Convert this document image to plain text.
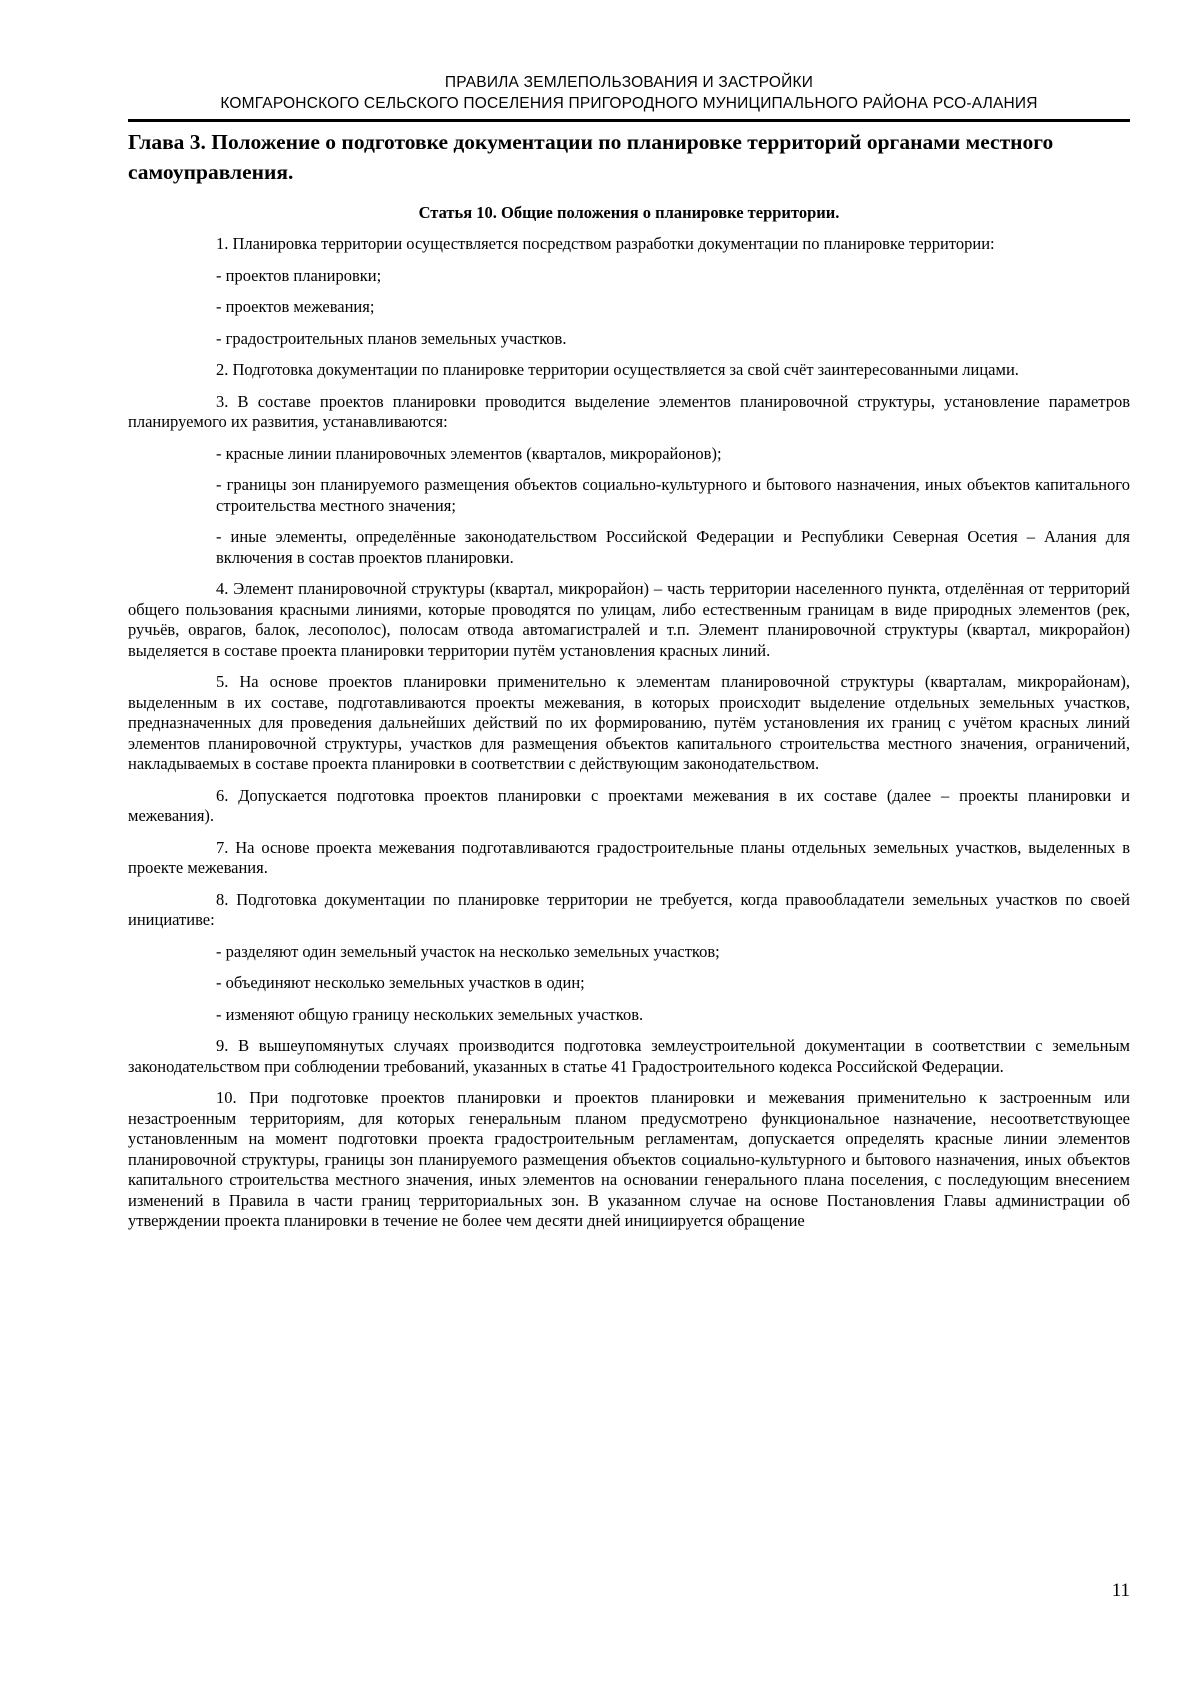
ПРАВИЛА ЗЕМЛЕПОЛЬЗОВАНИЯ И ЗАСТРОЙКИ
КОМГАРОНСКОГО СЕЛЬСКОГО ПОСЕЛЕНИЯ ПРИГОРОДНОГО МУНИЦИПАЛЬНОГО РАЙОНА РСО-АЛАНИЯ
Глава 3. Положение о подготовке документации по планировке территорий органами местного самоуправления.
Статья 10. Общие положения о планировке территории.
1. Планировка территории осуществляется посредством разработки документации по планировке территории:
- проектов планировки;
- проектов межевания;
- градостроительных планов земельных участков.
2. Подготовка документации по планировке территории осуществляется за свой счёт заинтересованными лицами.
3. В составе проектов планировки проводится выделение элементов планировочной структуры, установление параметров планируемого их развития, устанавливаются:
- красные линии планировочных элементов (кварталов, микрорайонов);
- границы зон планируемого размещения объектов социально-культурного и бытового назначения, иных объектов капитального строительства местного значения;
- иные элементы, определённые законодательством Российской Федерации и Республики Северная Осетия – Алания для включения в состав проектов планировки.
4. Элемент планировочной структуры (квартал, микрорайон) – часть территории населенного пункта, отделённая от территорий общего пользования красными линиями, которые проводятся по улицам, либо естественным границам в виде природных элементов (рек, ручьёв, оврагов, балок, лесополос), полосам отвода автомагистралей и т.п. Элемент планировочной структуры (квартал, микрорайон) выделяется в составе проекта планировки территории путём установления красных линий.
5. На основе проектов планировки применительно к элементам планировочной структуры (кварталам, микрорайонам), выделенным в их составе, подготавливаются проекты межевания, в которых происходит выделение отдельных земельных участков, предназначенных для проведения дальнейших действий по их формированию, путём установления их границ с учётом красных линий элементов планировочной структуры, участков для размещения объектов капитального строительства местного значения, ограничений, накладываемых в составе проекта планировки в соответствии с действующим законодательством.
6. Допускается подготовка проектов планировки с проектами межевания в их составе (далее – проекты планировки и межевания).
7. На основе проекта межевания подготавливаются градостроительные планы отдельных земельных участков, выделенных в проекте межевания.
8. Подготовка документации по планировке территории не требуется, когда правообладатели земельных участков по своей инициативе:
- разделяют один земельный участок на несколько земельных участков;
- объединяют несколько земельных участков в один;
- изменяют общую границу нескольких земельных участков.
9. В вышеупомянутых случаях производится подготовка землеустроительной документации в соответствии с земельным законодательством при соблюдении требований, указанных в статье 41 Градостроительного кодекса Российской Федерации.
10. При подготовке проектов планировки и проектов планировки и межевания применительно к застроенным или незастроенным территориям, для которых генеральным планом предусмотрено функциональное назначение, несоответствующее установленным на момент подготовки проекта градостроительным регламентам, допускается определять красные линии элементов планировочной структуры, границы зон планируемого размещения объектов социально-культурного и бытового назначения, иных объектов капитального строительства местного значения, иных элементов на основании генерального плана поселения, с последующим внесением изменений в Правила в части границ территориальных зон. В указанном случае на основе Постановления Главы администрации об утверждении проекта планировки в течение не более чем десяти дней инициируется обращение
11
